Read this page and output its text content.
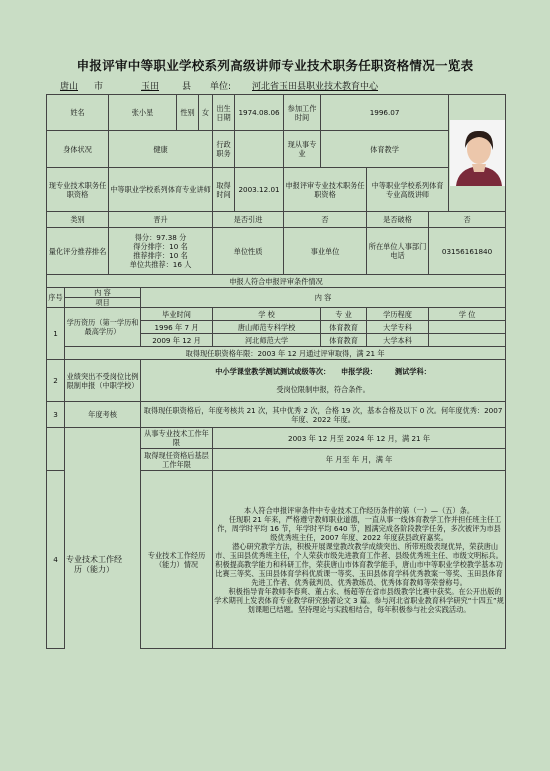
申报评审中等职业学校系列高级讲师专业技术职务任职资格情况一览表
唐山 市	玉田	县 单位: 河北省玉田县职业技术教育中心
姓名		张小星		性别	女	出生日期	1974.08.06	参加工作时间	1996.07	

身体状况		健康				行政职务		现从事专业	体育教学			
现专业技术职务任职资格		中等职业学校系列体育专业讲师				取得时间	2003.12.01	申报评审专业技术职务任职资格		中等职业学校系列体育专业高级讲师		
类别		晋升				是否引进		否		是否破格	否	
量化评分推荐排名		得分：97.38 分
得分排序：10 名
推荐排序：10 名
单位共推荐：16 人				单位性质		事业单位		所在单位人事部门电话	03156161840	
申报人符合申报评审条件情况												
序号	内 容		内 容									
	项目											
1	学历资历（第一学历和最高学历）		毕业时间			学 校			专 业	学历程度	学 位	
			1996 年 7 月			唐山师范专科学校			体育教育	大学专科		
			2009 年 12 月			河北师范大学			体育教育	大学本科		
	取得现任职资格年限：2003 年 12 月通过评审取得，满 21 年											
2	业绩突出不受岗位比例限制申报（中职学校）		中小学课堂教学测试测试或级等次：　　 申报学段：　　　 测试学科：
受岗位限制申报，符合条件。									

3	年度考核		取得现任职资格后，年度考核共 21 次，其中优秀 2 次，合格 19 次，基本合格及以下 0 次。何年度优秀：2007 年度、2022 年度。									
			从事专业技术工作年限			2003 年 12 月至 2024 年 12 月，满 21 年						
			取得现任资格后基层工作年限			年 月至 年 月，满 年						
4			专业技术工作经历（能力）情况			本人符合申报评审条件中专业技术工作经历条件的第（一）—（五）条。
任现职 21 年来，严格遵守教师职业道德，一直从事一线体育教学工作并担任班主任工作，周学时平均 16 节，年学时平均 640 节，圆满完成各阶段教学任务，多次被评为市县级优秀班主任，2007 年度、2022 年度获县政府嘉奖。
潜心研究教学方法，积极开展课堂教改教学成绩突出、所带班级表现优异，荣获唐山市、玉田县优秀班主任，个人荣获市级先进教育工作者、县级优秀班主任、市级文明标兵。积极提高教学能力和科研工作，荣获唐山市体育教学能手，唐山市中等职业学校教学基本功比赛三等奖、玉田县体育学科优质课一等奖、玉田县体育学科优秀教案一等奖、玉田县体育先进工作者、优秀裁判员、优秀教练员、优秀体育教师等荣誉称号。
积极指导青年教师李春爽、董占永、杨超等在省市县级教学比赛中获奖。在公开出版的学术期刊上发表体育专业教学研究独著论文 3 篇。参与河北省职业教育科学研究“十四五”规划课题已结题。坚持理论与实践相结合，每年积极参与社会实践活动。						
专业技术工作经历（能力）
